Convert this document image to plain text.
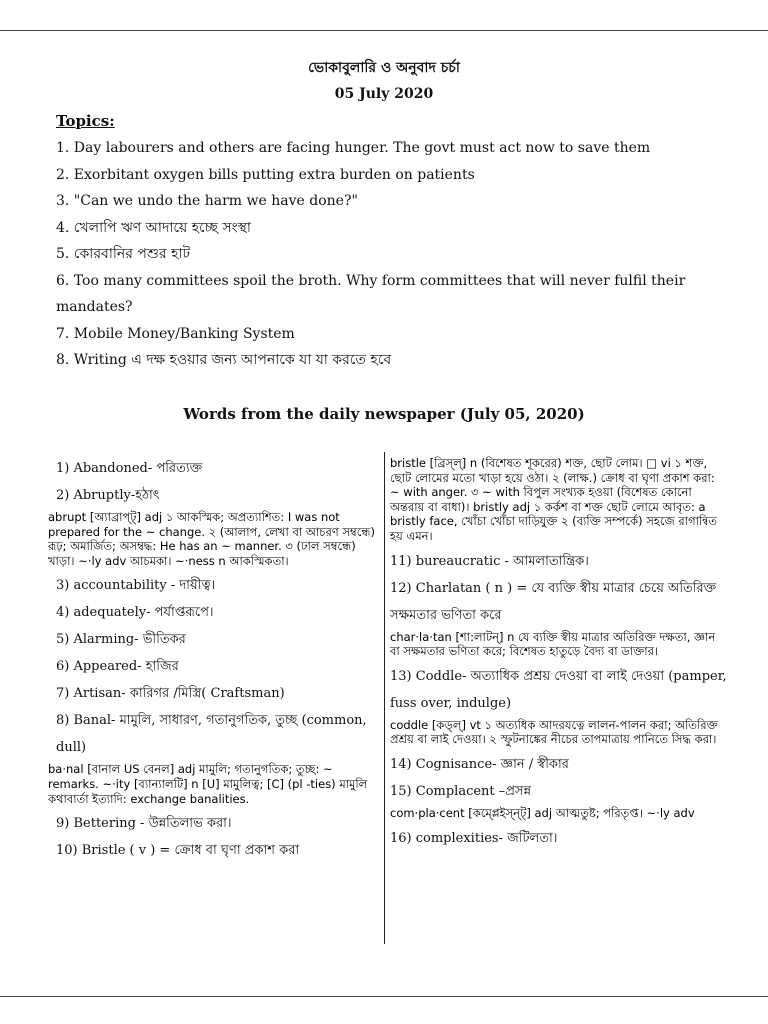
ভোকাবুলারি ও অনুবাদ চর্চা
05 July 2020
Topics:
1. Day labourers and others are facing hunger. The govt must act now to save them
2. Exorbitant oxygen bills putting extra burden on patients
3. "Can we undo the harm we have done?"
4. খেলাপি ঋণ আদায়ে হচ্ছে সংস্থা
5. কোরবানির পশুর হাট
6. Too many committees spoil the broth. Why form committees that will never fulfil their mandates?
7. Mobile Money/Banking System
8. Writing এ দক্ষ হওয়ার জন্য আপনাকে যা যা করতে হবে
Words from the daily newspaper (July 05, 2020)
1) Abandoned- পরিত্যক্ত
2) Abruptly-হঠাৎ
abrupt [অ্যাব্রাপ্ট্] adj ১ আকস্মিক; অপ্রত্যাশিত: I was not prepared for the ~ change. ২ (আলাপ, লেখা বা আচরণ সম্বন্ধে) রূঢ়; অমার্জিত; অসম্বদ্ধ: He has an ~ manner. ৩ (ঢাল সম্বন্ধে) খাড়া। ~·ly adv আচমকা। ~·ness n আকস্মিকতা।
3) accountability - দায়ীত্ব।
4) adequately- পর্যাপ্তরূপে।
5) Alarming- ভীতিকর
6) Appeared- হাজির
7) Artisan- কারিগর /মিস্ত্রি( Craftsman)
8) Banal- মামুলি, সাধারণ, গতানুগতিক, তুচ্ছ (common, dull)
ba·nal [বানাল US বেনল] adj মামুলি; গতানুগতিক; তুচ্ছ: ~ remarks. ~·ity [ব্যান্যালটি] n [U] মামুলিত্ব; [C] (pl -ties) মামুলি কথাবার্তা ইত্যাদি: exchange banalities.
9) Bettering - উন্নতিলাভ করা।
10) Bristle ( v ) = ক্রোধ বা ঘৃণা প্রকাশ করা
bristle [ব্রিস্ল্] n (বিশেষত শূকরের) শক্ত, ছোট লোম। □ vi ১ শক্ত, ছোট লোমের মতো খাড়া হয়ে ওঠা। ২ (লাক্ষ.) ক্রোধ বা ঘৃণা প্রকাশ করা: ~ with anger. ৩ ~ with বিপুল সংখ্যক হওয়া (বিশেষত কোনো অন্তরায় বা বাধা)। bristly adj ১ কর্কশ বা শক্ত ছোট লোমে আবৃত: a bristly face, খোঁচা খোঁচা দাড়িযুক্ত ২ (ব্যক্তি সম্পর্কে) সহজে রাগান্বিত হয় এমন।
11) bureaucratic - আমলাতান্ত্রিক।
12) Charlatan ( n ) = যে ব্যক্তি স্বীয় মাত্রার চেয়ে অতিরিক্ত সক্ষমতার ভণিতা করে
char·la·tan [শা:লাটন্] n যে ব্যক্তি স্বীয় মাত্রার অতিরিক্ত দক্ষতা, জ্ঞান বা সক্ষমতার ভণিতা করে; বিশেষত হাতুড়ে বৈদ্য বা ডাক্তার।
13) Coddle- অত্যাধিক প্রশ্রয় দেওয়া বা লাই দেওয়া (pamper, fuss over, indulge)
coddle [কড্ল্] vt ১ অত্যধিক আদরযত্নে লালন-পালন করা; অতিরিক্ত প্রশ্রয় বা লাই দেওয়া। ২ স্ফুটনাঙ্কের নীচের তাপমাত্রায় পানিতে সিদ্ধ করা।
14) Cognisance- জ্ঞান / স্বীকার
15) Complacent –প্রসন্ন
com·pla·cent [কম্প্লেইস্‌ন্ট্] adj আত্মতুষ্ট; পরিতৃপ্ত। ~·ly adv
16) complexities- জটিলতা।
